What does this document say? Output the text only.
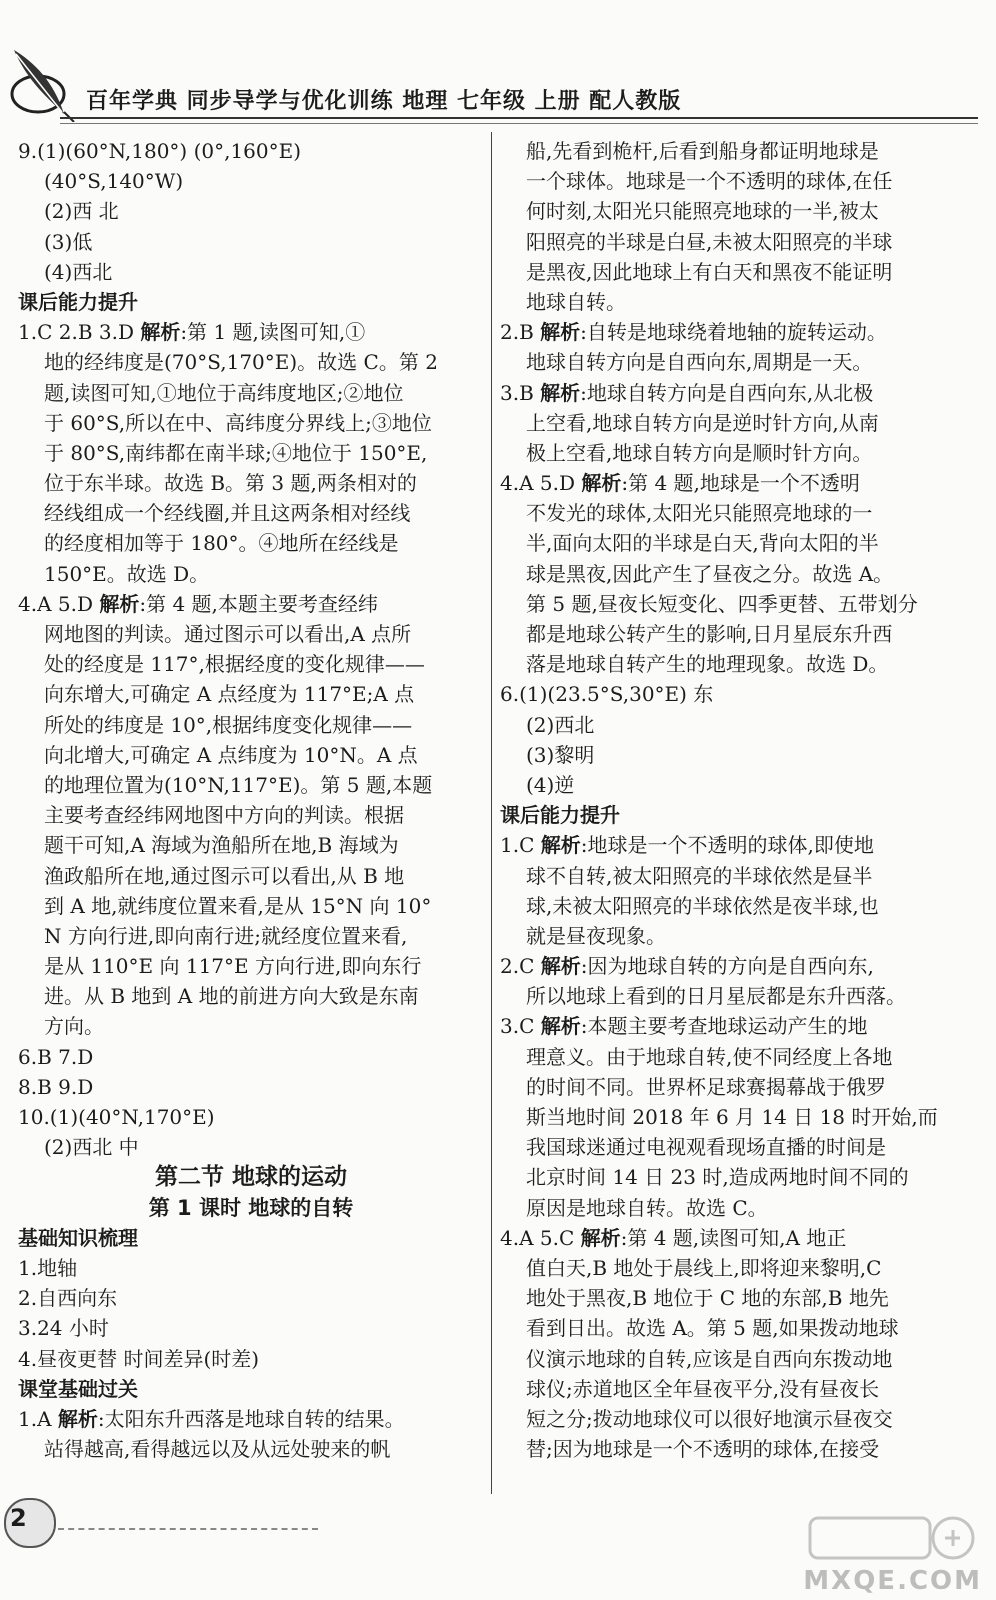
百年学典 同步导学与优化训练 地理 七年级 上册 配人教版
9.(1)(60°N,180°) (0°,160°E)
(40°S,140°W)
(2)西 北
(3)低
(4)西北
课后能力提升
1.C 2.B 3.D 解析:第 1 题,读图可知,①
地的经纬度是(70°S,170°E)。故选 C。第 2
题,读图可知,①地位于高纬度地区;②地位
于 60°S,所以在中、高纬度分界线上;③地位
于 80°S,南纬都在南半球;④地位于 150°E,
位于东半球。故选 B。第 3 题,两条相对的
经线组成一个经线圈,并且这两条相对经线
的经度相加等于 180°。④地所在经线是
150°E。故选 D。
4.A 5.D 解析:第 4 题,本题主要考查经纬
网地图的判读。通过图示可以看出,A 点所
处的经度是 117°,根据经度的变化规律——
向东增大,可确定 A 点经度为 117°E;A 点
所处的纬度是 10°,根据纬度变化规律——
向北增大,可确定 A 点纬度为 10°N。A 点
的地理位置为(10°N,117°E)。第 5 题,本题
主要考查经纬网地图中方向的判读。根据
题干可知,A 海域为渔船所在地,B 海域为
渔政船所在地,通过图示可以看出,从 B 地
到 A 地,就纬度位置来看,是从 15°N 向 10°
N 方向行进,即向南行进;就经度位置来看,
是从 110°E 向 117°E 方向行进,即向东行
进。从 B 地到 A 地的前进方向大致是东南
方向。
6.B 7.D
8.B 9.D
10.(1)(40°N,170°E)
(2)西北 中
第二节 地球的运动
第 1 课时 地球的自转
基础知识梳理
1.地轴
2.自西向东
3.24 小时
4.昼夜更替 时间差异(时差)
课堂基础过关
1.A 解析:太阳东升西落是地球自转的结果。
站得越高,看得越远以及从远处驶来的帆
船,先看到桅杆,后看到船身都证明地球是
一个球体。地球是一个不透明的球体,在任
何时刻,太阳光只能照亮地球的一半,被太
阳照亮的半球是白昼,未被太阳照亮的半球
是黑夜,因此地球上有白天和黑夜不能证明
地球自转。
2.B 解析:自转是地球绕着地轴的旋转运动。
地球自转方向是自西向东,周期是一天。
3.B 解析:地球自转方向是自西向东,从北极
上空看,地球自转方向是逆时针方向,从南
极上空看,地球自转方向是顺时针方向。
4.A 5.D 解析:第 4 题,地球是一个不透明
不发光的球体,太阳光只能照亮地球的一
半,面向太阳的半球是白天,背向太阳的半
球是黑夜,因此产生了昼夜之分。故选 A。
第 5 题,昼夜长短变化、四季更替、五带划分
都是地球公转产生的影响,日月星辰东升西
落是地球自转产生的地理现象。故选 D。
6.(1)(23.5°S,30°E) 东
(2)西北
(3)黎明
(4)逆
课后能力提升
1.C 解析:地球是一个不透明的球体,即使地
球不自转,被太阳照亮的半球依然是昼半
球,未被太阳照亮的半球依然是夜半球,也
就是昼夜现象。
2.C 解析:因为地球自转的方向是自西向东,
所以地球上看到的日月星辰都是东升西落。
3.C 解析:本题主要考查地球运动产生的地
理意义。由于地球自转,使不同经度上各地
的时间不同。世界杯足球赛揭幕战于俄罗
斯当地时间 2018 年 6 月 14 日 18 时开始,而
我国球迷通过电视观看现场直播的时间是
北京时间 14 日 23 时,造成两地时间不同的
原因是地球自转。故选 C。
4.A 5.C 解析:第 4 题,读图可知,A 地正
值白天,B 地处于晨线上,即将迎来黎明,C
地处于黑夜,B 地位于 C 地的东部,B 地先
看到日出。故选 A。第 5 题,如果拨动地球
仪演示地球的自转,应该是自西向东拨动地
球仪;赤道地区全年昼夜平分,没有昼夜长
短之分;拨动地球仪可以很好地演示昼夜交
替;因为地球是一个不透明的球体,在接受
2
MXQE.COM
